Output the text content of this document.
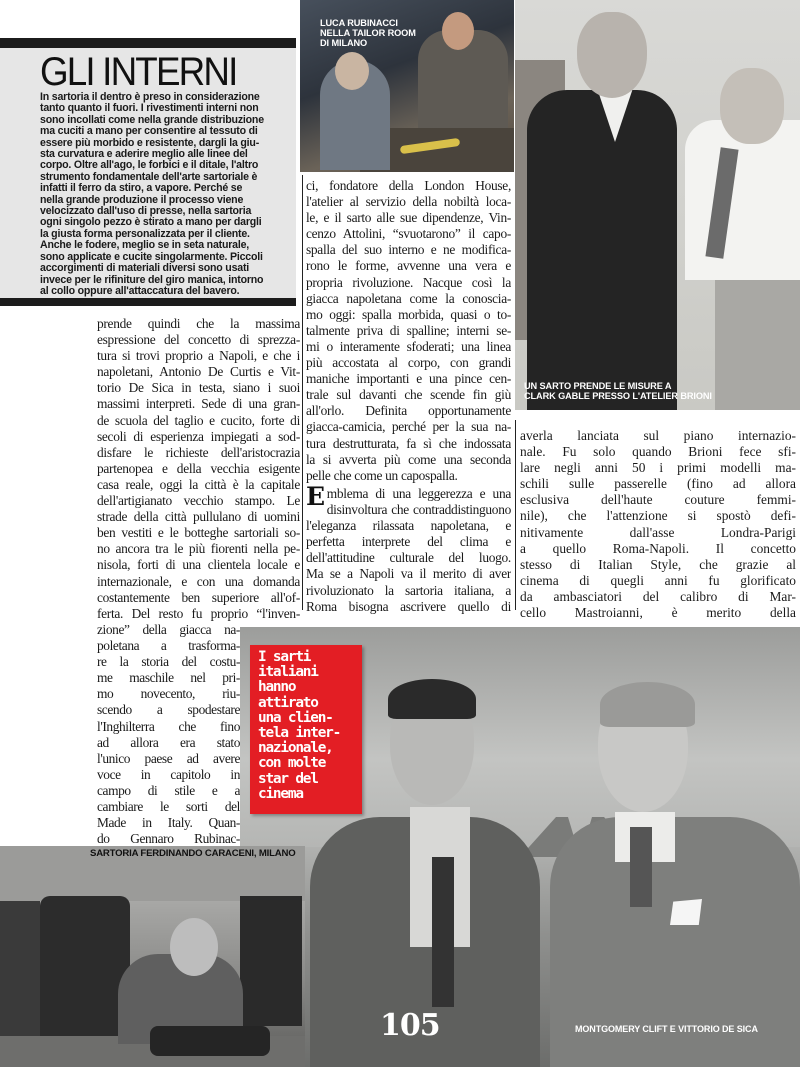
GLI INTERNI

In sartoria il dentro è preso in considerazione
tanto quanto il fuori. I rivestimenti interni non
sono incollati come nella grande distribuzione
ma cuciti a mano per consentire al tessuto di
essere più morbido e resistente, dargli la giu-
sta curvatura e aderire meglio alle linee del
corpo. Oltre all'ago, le forbici e il ditale, l'altro
strumento fondamentale dell'arte sartoriale è
infatti il ferro da stiro, a vapore. Perché se
nella grande produzione il processo viene
velocizzato dall'uso di presse, nella sartoria
ogni singolo pezzo è stirato a mano per dargli
la giusta forma personalizzata per il cliente.
Anche le fodere, meglio se in seta naturale,
sono applicate e cucite singolarmente. Piccoli
accorgimenti di materiali diversi sono usati
invece per le rifiniture del giro manica, intorno
al collo oppure all'attaccatura del bavero.

LUCA RUBINACCI
NELLA TAILOR ROOM
DI MILANO
UN SARTO PRENDE LE MISURE A
CLARK GABLE PRESSO L'ATELIER BRIONI
SARTORIA FERDINANDO CARACENI, MILANO
I sarti
italiani
hanno
attirato
una clien-
tela inter-
nazionale,
con molte
star del
cinema
prende quindi che la massima
espressione del concetto di sprezza-
tura si trovi proprio a Napoli, e che i
napoletani, Antonio De Curtis e Vit-
torio De Sica in testa, siano i suoi
massimi interpreti. Sede di una gran-
de scuola del taglio e cucito, forte di
secoli di esperienza impiegati a sod-
disfare le richieste dell'aristocrazia
partenopea e della vecchia esigente
casa reale, oggi la città è la capitale
dell'artigianato vecchio stampo. Le
strade della città pullulano di uomini
ben vestiti e le botteghe sartoriali so-
no ancora tra le più fiorenti nella pe-
nisola, forti di una clientela locale e
internazionale, e con una domanda
costantemente ben superiore all'of-
ferta. Del resto fu proprio “l'inven-
zione” della giacca na-
poletana a trasforma-
re la storia del costu-
me maschile nel pri-
mo novecento, riu-
scendo a spodestare
l'Inghilterra che fino
ad allora era stato
l'unico paese ad avere
voce in capitolo in
campo di stile e a
cambiare le sorti del
Made in Italy. Quan-
do Gennaro Rubinac-
ci, fondatore della London House,
l'atelier al servizio della nobiltà loca-
le, e il sarto alle sue dipendenze, Vin-
cenzo Attolini, “svuotarono” il capo-
spalla del suo interno e ne modifica-
rono le forme, avvenne una vera e
propria rivoluzione. Nacque così la
giacca napoletana come la conoscia-
mo oggi: spalla morbida, quasi o to-
talmente priva di spalline; interni se-
mi o interamente sfoderati; una linea
più accostata al corpo, con grandi
maniche importanti e una pince cen-
trale sul davanti che scende fin giù
all'orlo. Definita opportunamente
giacca-camicia, perché per la sua na-
tura destrutturata, fa sì che indossata
la si avverta più come una seconda
pelle che come un capospalla.
E mblema di una leggerezza e una
disinvoltura che contraddistinguono
l'eleganza rilassata napoletana, e
perfetta interprete del clima e
dell'attitudine culturale del luogo.
Ma se a Napoli va il merito di aver
rivoluzionato la sartoria italiana, a
Roma bisogna ascrivere quello di
averla lanciata sul piano internazio-
nale. Fu solo quando Brioni fece sfi-
lare negli anni 50 i primi modelli ma-
schili sulle passerelle (fino ad allora
esclusiva dell'haute couture femmi-
nile), che l'attenzione si spostò defi-
nitivamente dall'asse Londra-Parigi
a quello Roma-Napoli. Il concetto
stesso di Italian Style, che grazie al
cinema di quegli anni fu glorificato
da ambasciatori del calibro di Mar-
cello Mastroianni, è merito della
105	MONTGOMERY CLIFT E VITTORIO DE SICA
